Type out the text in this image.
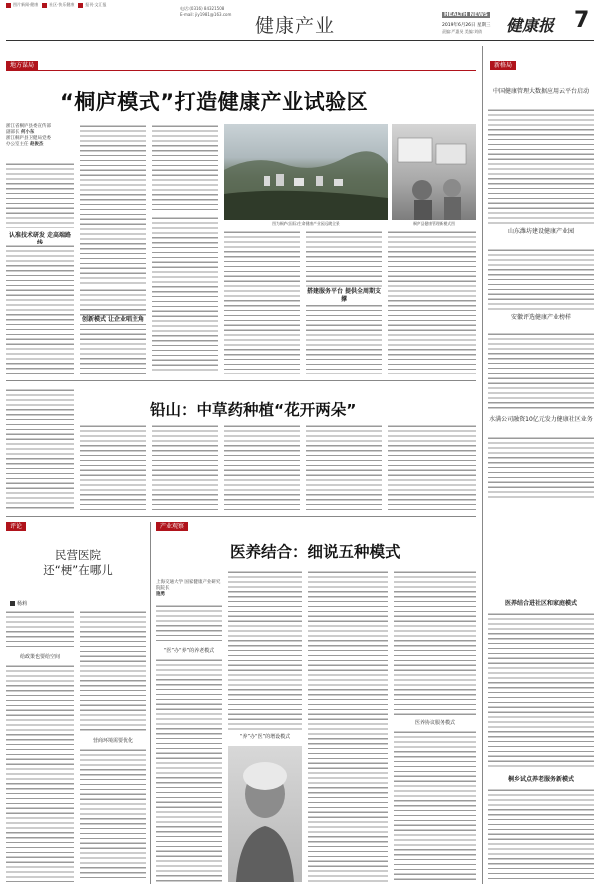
图片新闻·健康	社区·快乐健康	报刊·文汇报
电话:(0316) 84321508
E-mail: jiy1981@163.com
健康产业	HEALTH NEWS
2019年6月26日 星期三
责编:严惠旻 美编:刘倩 健康报 7
地方谋局
“桐庐模式”打造健康产业试验区
浙江省桐庐县委宣传部
副部长 何小东
浙江桐庐县卫健局党委
办公室主任 赵俊杰
认准技术研发 走高端路
图为桐庐(国际)生命健康产业园远眺全景	桐庐县健康管理新模式图
创新模式 让企业唱主角
搭建服务平台 提供全周期支撑
新格局
中国健康管理大数据应用云平台启动
山东潍坊建设健康产业园
安徽评选健康产业榜样
水满公司融资10亿元发力健康社区业务
医养结合进社区和家庭模式
桐乡试点养老服务新模式
铅山：中草药种植“花开两朵”
评论
民营医院
还“梗”在哪儿
杨莉
给政策也要给空间
营商环境需要优化
产业观察
医养结合：细说五种模式
上海交通大学 国家健康产业研究院院长
施勇
“医”办“养”的养老模式
“养”办“医”的增设模式
医养协议服务模式
